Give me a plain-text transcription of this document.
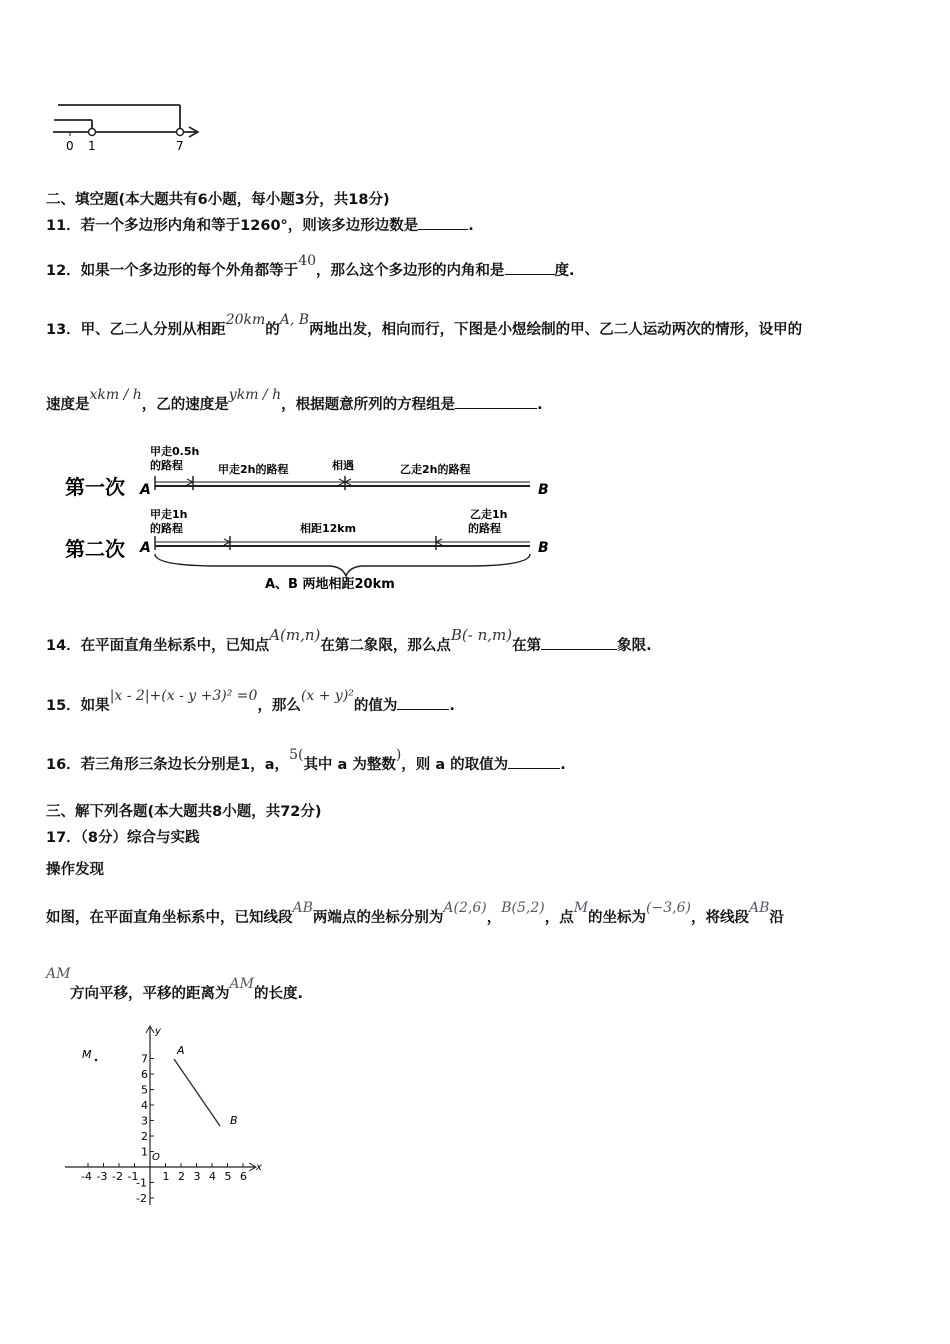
0 1	7
二、填空题(本大题共有6小题，每小题3分，共18分)
11．若一个多边形内角和等于1260°，则该多边形边数是	.
12．如果一个多边形的每个外角都等于40，那么这个多边形的内角和是	度.
13．甲、乙二人分别从相距20km的A, B两地出发，相向而行，下图是小煜绘制的甲、乙二人运动两次的情形，设甲的
速度是xkm / h，乙的速度是ykm / h，根据题意所列的方程组是	.
第一次 A	B
甲走0.5h
的路程	甲走2h的路程	相遇	乙走2h的路程
第二次 A	B
甲走1h
的路程	相距12km
乙走1h
的路程
A、B 两地相距20km
14．在平面直角坐标系中，已知点A(m,n)在第二象限，那么点B(- n,m)在第	象限.
15．如果|x - 2|+(x - y +3)² =0，那么(x + y)²的值为	.
16．若三角形三条边长分别是1，a，5(其中 a 为整数)，则 a 的取值为	.
三、解下列各题(本大题共8小题，共72分)
17．（8分）综合与实践
操作发现
如图，在平面直角坐标系中，已知线段AB两端点的坐标分别为A(2,6)，B(5,2)，点M的坐标为(−3,6)，将线段AB沿
AM
方向平移，平移的距离为AM的长度.
y
x
O
7
6
5
4
3
2
1
-1
-2
-4 -3 -2 -1 1 2 3 4 5 6
A
B
M
